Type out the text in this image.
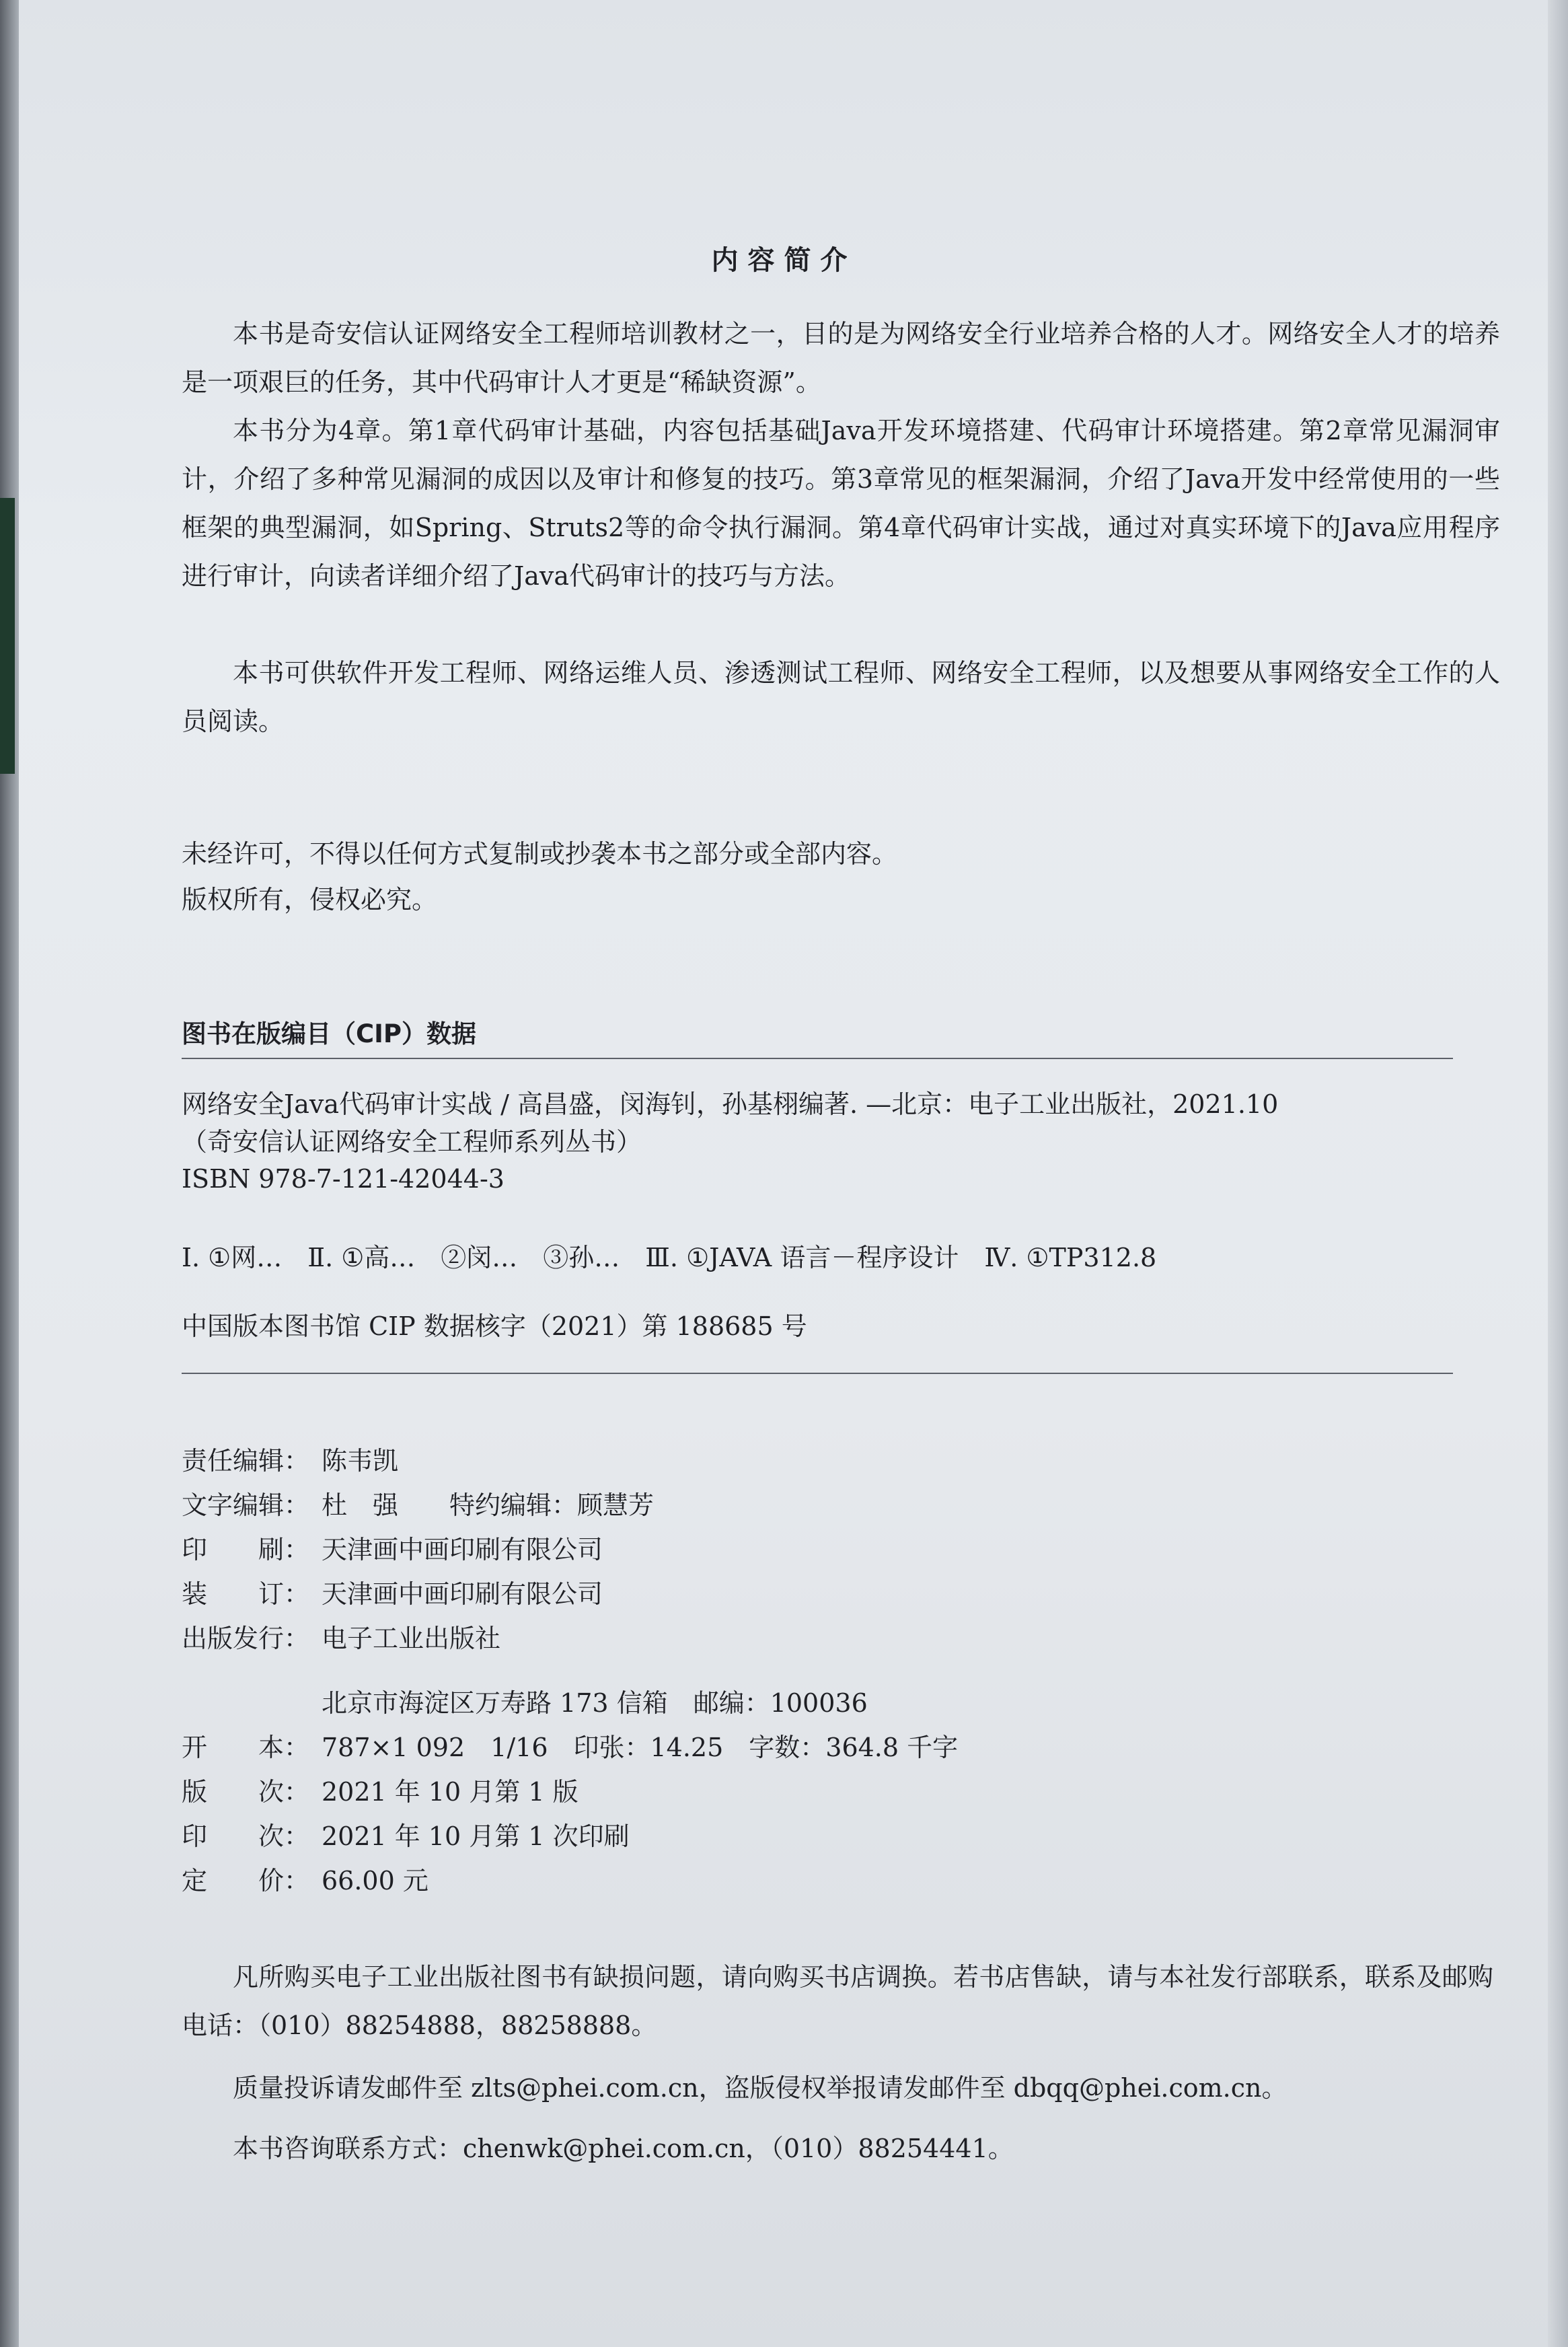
内容简介
本书是奇安信认证网络安全工程师培训教材之一，目的是为网络安全行业培养合格的人才。网络安全人才的培养是一项艰巨的任务，其中代码审计人才更是“稀缺资源”。
本书分为4章。第1章代码审计基础，内容包括基础Java开发环境搭建、代码审计环境搭建。第2章常见漏洞审计，介绍了多种常见漏洞的成因以及审计和修复的技巧。第3章常见的框架漏洞，介绍了Java开发中经常使用的一些框架的典型漏洞，如Spring、Struts2等的命令执行漏洞。第4章代码审计实战，通过对真实环境下的Java应用程序进行审计，向读者详细介绍了Java代码审计的技巧与方法。
本书可供软件开发工程师、网络运维人员、渗透测试工程师、网络安全工程师，以及想要从事网络安全工作的人员阅读。
未经许可，不得以任何方式复制或抄袭本书之部分或全部内容。
版权所有，侵权必究。
图书在版编目（CIP）数据
网络安全Java代码审计实战 / 高昌盛，闵海钊，孙基栩编著. —北京：电子工业出版社，2021.10
（奇安信认证网络安全工程师系列丛书）
ISBN 978-7-121-42044-3
Ⅰ. ①网…　Ⅱ. ①高…　②闵…　③孙…　Ⅲ. ①JAVA 语言－程序设计　Ⅳ. ①TP312.8
中国版本图书馆 CIP 数据核字（2021）第 188685 号
责任编辑： 陈韦凯
文字编辑： 杜　强　　特约编辑：顾慧芳
印　　刷： 天津画中画印刷有限公司
装　　订： 天津画中画印刷有限公司
出版发行： 电子工业出版社
北京市海淀区万寿路 173 信箱　邮编：100036
开　　本： 787×1 092　1/16　印张：14.25　字数：364.8 千字
版　　次： 2021 年 10 月第 1 版
印　　次： 2021 年 10 月第 1 次印刷
定　　价： 66.00 元
凡所购买电子工业出版社图书有缺损问题，请向购买书店调换。若书店售缺，请与本社发行部联系，联系及邮购电话：（010）88254888，88258888。
质量投诉请发邮件至 zlts@phei.com.cn，盗版侵权举报请发邮件至 dbqq@phei.com.cn。
本书咨询联系方式：chenwk@phei.com.cn，（010）88254441。
